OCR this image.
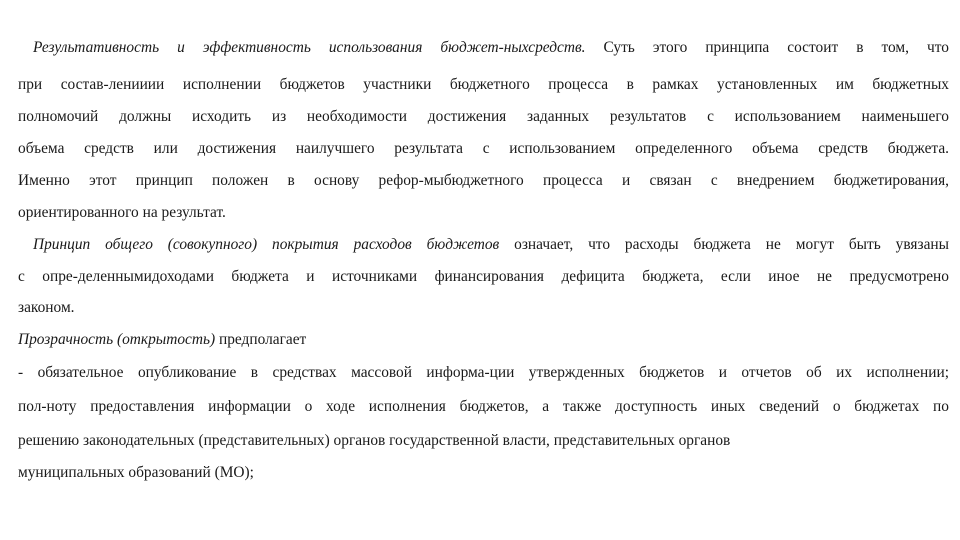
Результативность и эффективность использования бюджет-ныхсредств. Суть этого принципа состоит в том, что
при состав-ленииии исполнении бюджетов участники бюджетного процесса в рамках установленных им бюджетных
полномочий должны исходить из необходимости достижения заданных результатов с использованием наименьшего
объема средств или достижения наилучшего результата с использованием определенного объема средств бюджета.
Именно этот принцип положен в основу рефор-мыбюджетного процесса и связан с внедрением бюджетирования,
ориентированного на результат.
Принцип общего (совокупного) покрытия расходов бюджетов означает, что расходы бюджета не могут быть увязаны
с опре-деленнымидоходами бюджета и источниками финансирования дефицита бюджета, если иное не предусмотрено
законом.
Прозрачность (открытость) предполагает
- обязательное опубликование в средствах массовой информа-ции утвержденных бюджетов и отчетов об их исполнении;
пол-ноту предоставления информации о ходе исполнения бюджетов, а также доступность иных сведений о бюджетах по
решению законодательных (представительных) органов государственной власти, представительных органов
муниципальных образований (МО);
